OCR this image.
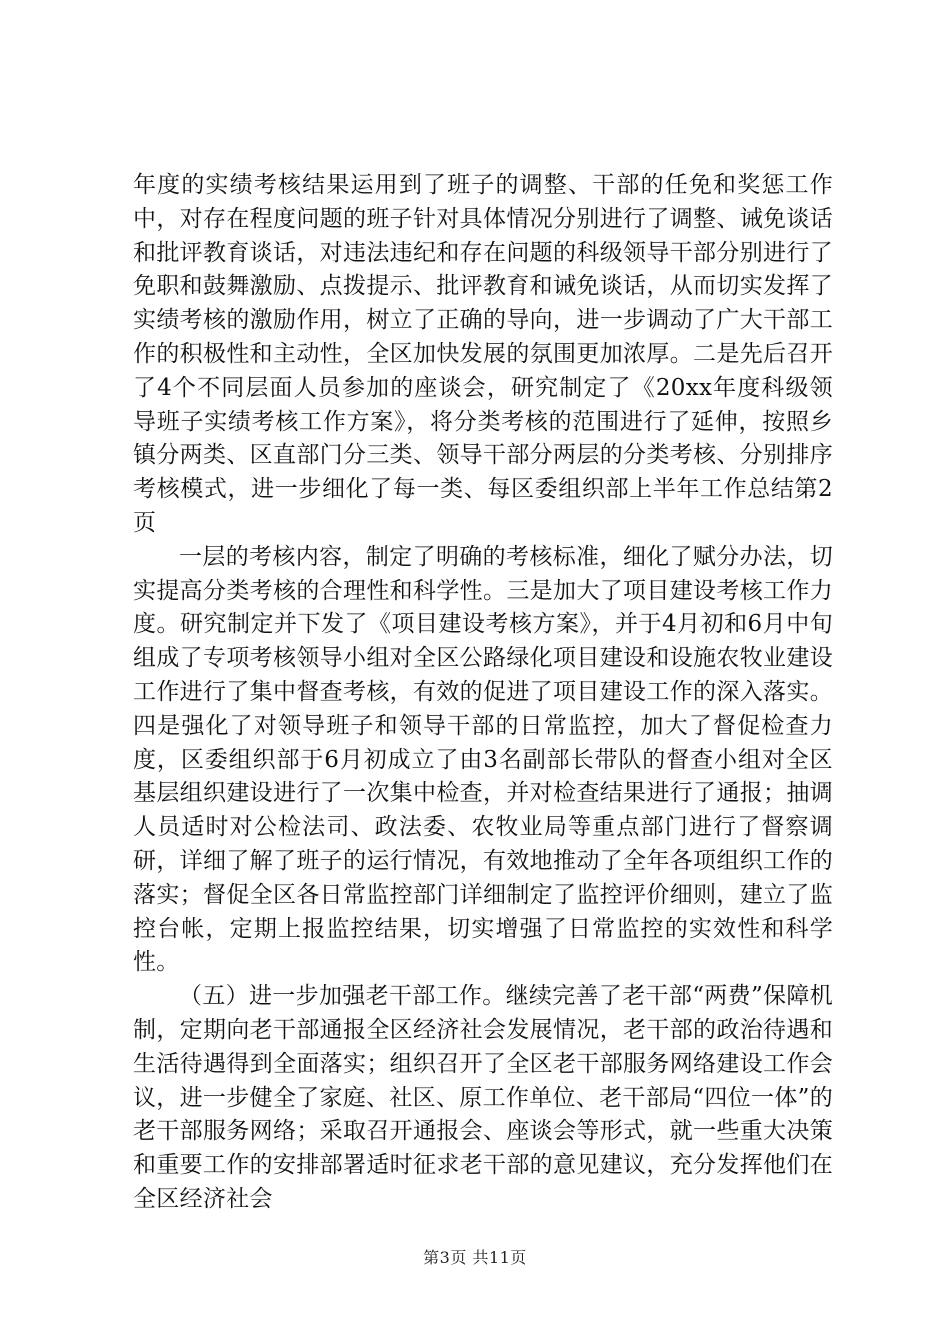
年度的实绩考核结果运用到了班子的调整、干部的任免和奖惩工作中，对存在程度问题的班子针对具体情况分别进行了调整、诫免谈话和批评教育谈话，对违法违纪和存在问题的科级领导干部分别进行了免职和鼓舞激励、点拨提示、批评教育和诫免谈话，从而切实发挥了实绩考核的激励作用，树立了正确的导向，进一步调动了广大干部工作的积极性和主动性，全区加快发展的氛围更加浓厚。二是先后召开了4个不同层面人员参加的座谈会，研究制定了《20xx年度科级领导班子实绩考核工作方案》，将分类考核的范围进行了延伸，按照乡镇分两类、区直部门分三类、领导干部分两层的分类考核、分别排序考核模式，进一步细化了每一类、每区委组织部上半年工作总结第2页

一层的考核内容，制定了明确的考核标准，细化了赋分办法，切实提高分类考核的合理性和科学性。三是加大了项目建设考核工作力度。研究制定并下发了《项目建设考核方案》，并于4月初和6月中旬组成了专项考核领导小组对全区公路绿化项目建设和设施农牧业建设工作进行了集中督查考核，有效的促进了项目建设工作的深入落实。四是强化了对领导班子和领导干部的日常监控，加大了督促检查力度，区委组织部于6月初成立了由3名副部长带队的督查小组对全区基层组织建设进行了一次集中检查，并对检查结果进行了通报；抽调人员适时对公检法司、政法委、农牧业局等重点部门进行了督察调研，详细了解了班子的运行情况，有效地推动了全年各项组织工作的落实；督促全区各日常监控部门详细制定了监控评价细则，建立了监控台帐，定期上报监控结果，切实增强了日常监控的实效性和科学性。

（五）进一步加强老干部工作。继续完善了老干部“两费”保障机制，定期向老干部通报全区经济社会发展情况，老干部的政治待遇和生活待遇得到全面落实；组织召开了全区老干部服务网络建设工作会议，进一步健全了家庭、社区、原工作单位、老干部局“四位一体”的老干部服务网络；采取召开通报会、座谈会等形式，就一些重大决策和重要工作的安排部署适时征求老干部的意见建议，充分发挥他们在全区经济社会

第3页 共11页
